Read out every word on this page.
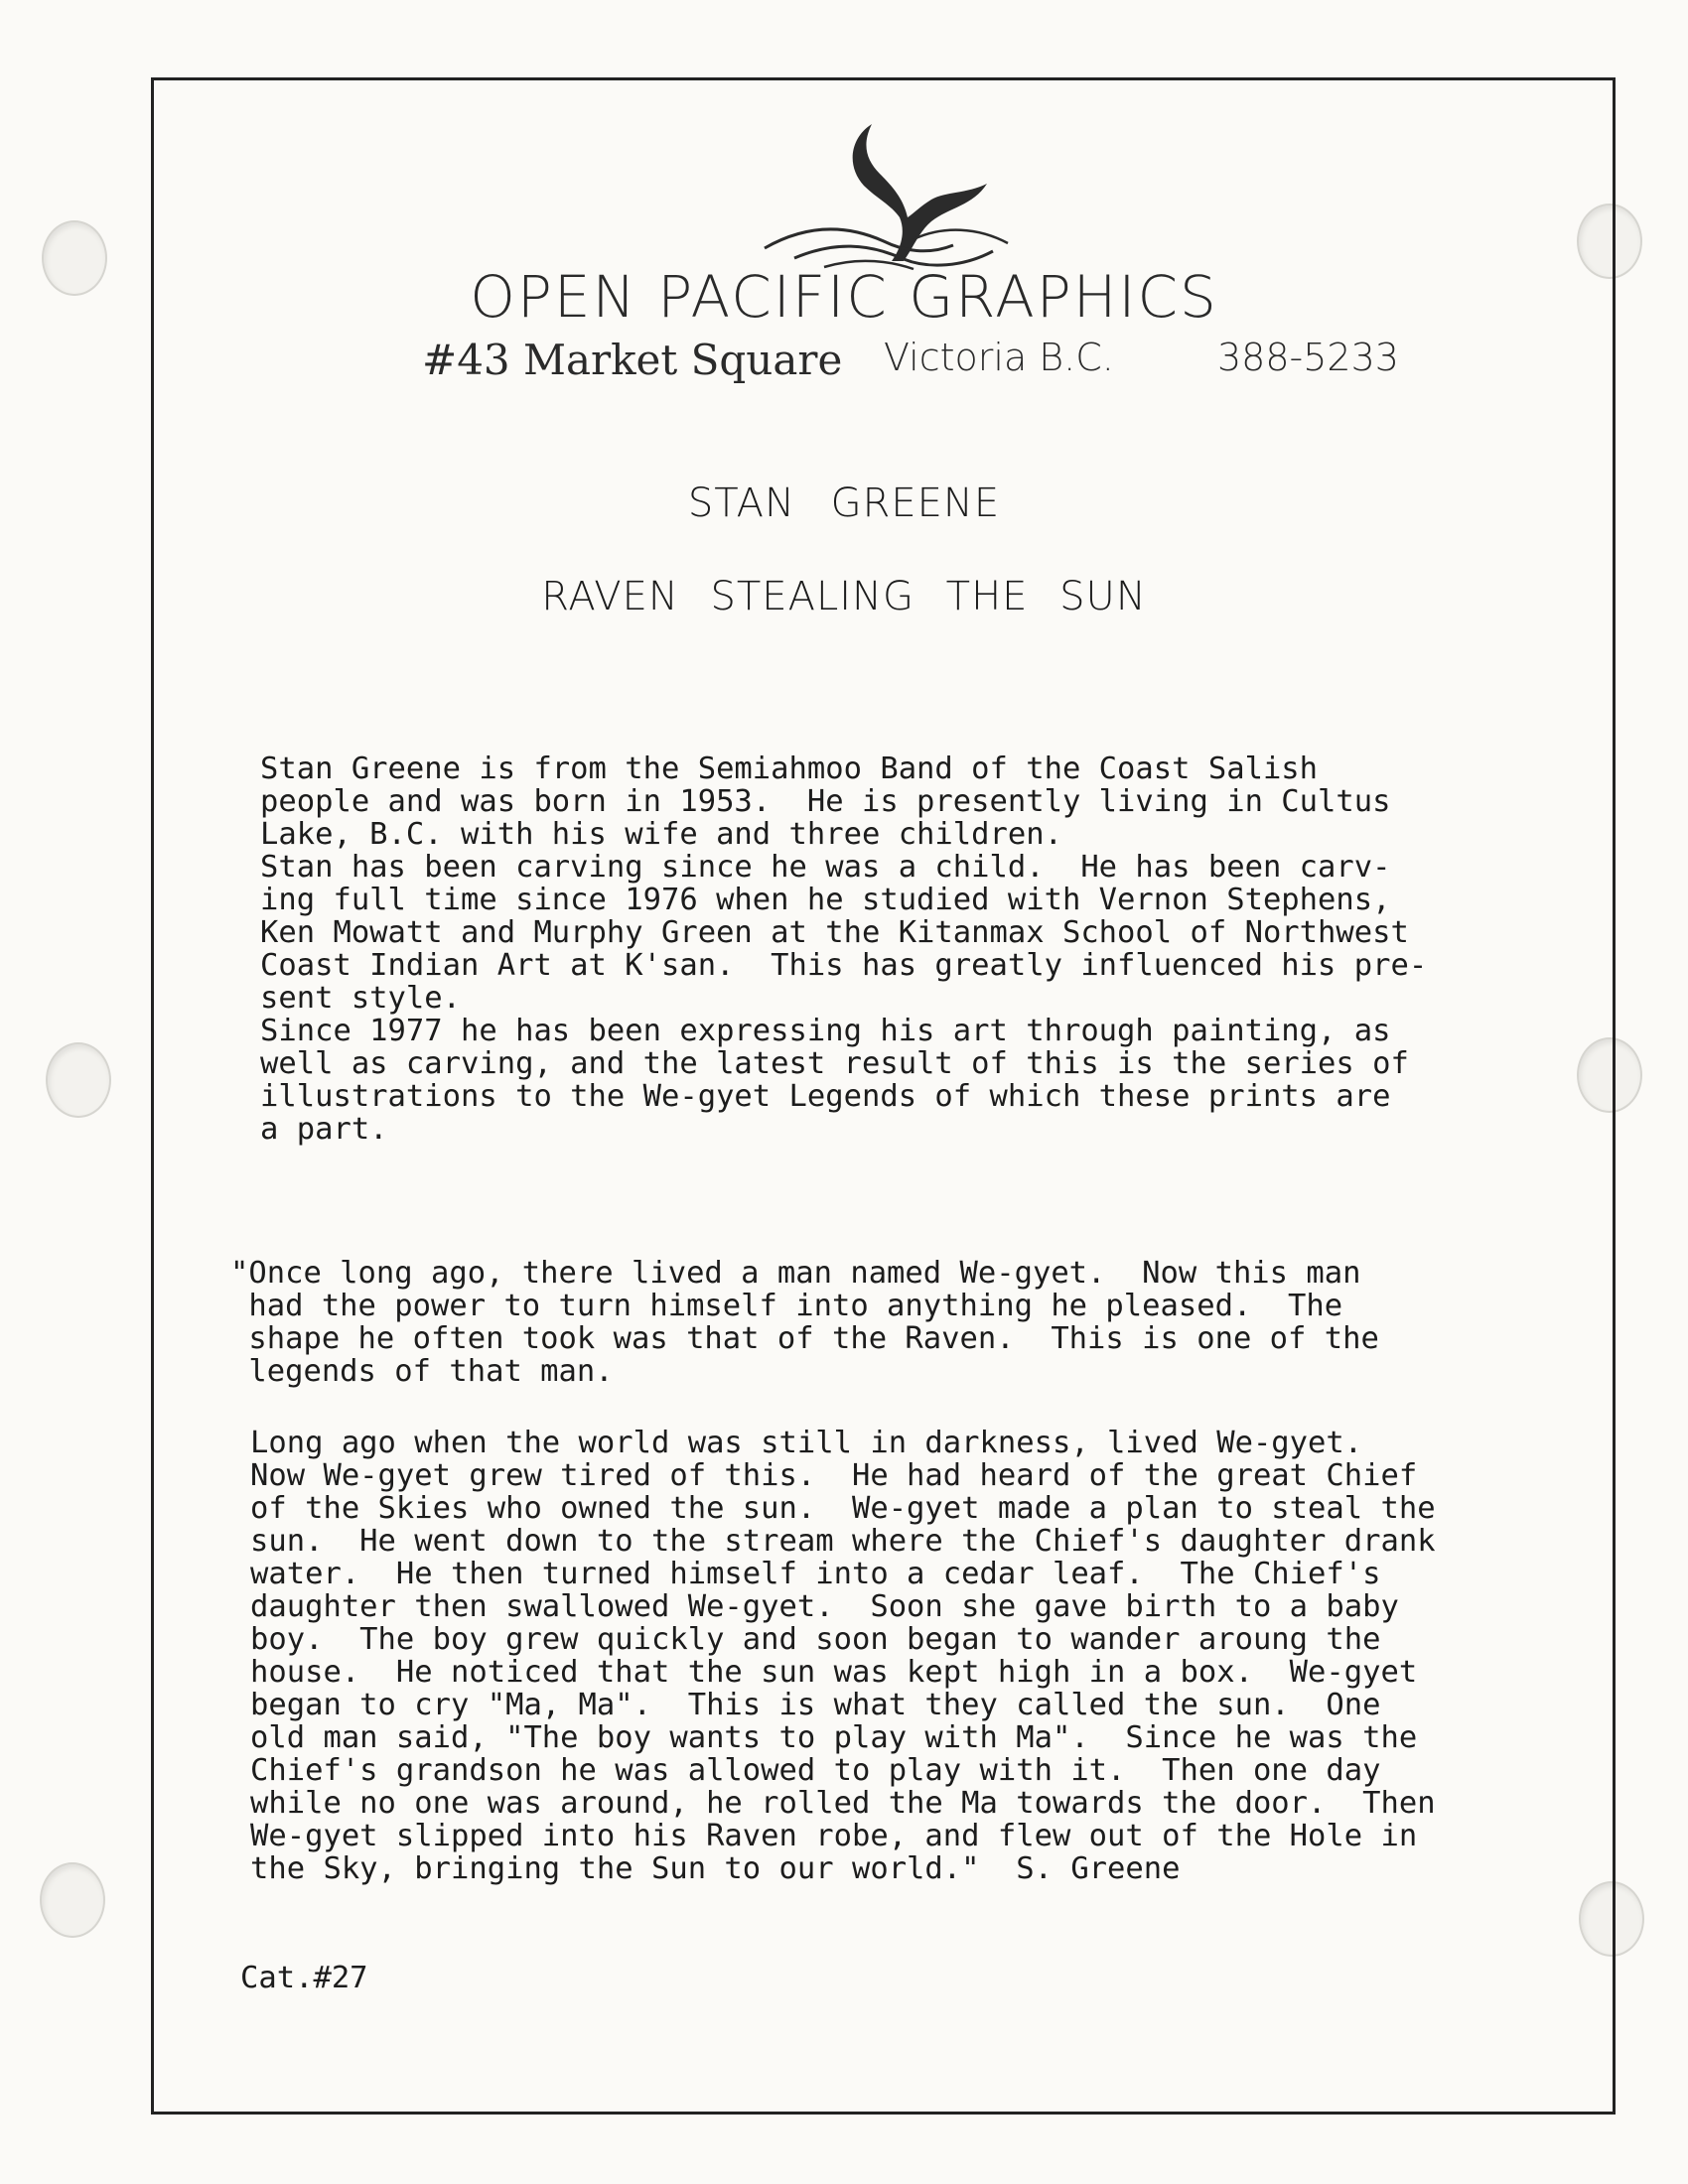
OPEN PACIFIC GRAPHICS
#43 Market Square Victoria B.C.	388-5233
STAN GREENE
RAVEN STEALING THE SUN

Stan Greene is from the Semiahmoo Band of the Coast Salish
people and was born in 1953.  He is presently living in Cultus
Lake, B.C. with his wife and three children.
Stan has been carving since he was a child.  He has been carv-
ing full time since 1976 when he studied with Vernon Stephens,
Ken Mowatt and Murphy Green at the Kitanmax School of Northwest
Coast Indian Art at K'san.  This has greatly influenced his pre-
sent style.
Since 1977 he has been expressing his art through painting, as
well as carving, and the latest result of this is the series of
illustrations to the We-gyet Legends of which these prints are
a part.

"Once long ago, there lived a man named We-gyet.  Now this man
had the power to turn himself into anything he pleased.  The
shape he often took was that of the Raven.  This is one of the
legends of that man.

Long ago when the world was still in darkness, lived We-gyet.
Now We-gyet grew tired of this.  He had heard of the great Chief
of the Skies who owned the sun.  We-gyet made a plan to steal the
sun.  He went down to the stream where the Chief's daughter drank
water.  He then turned himself into a cedar leaf.  The Chief's
daughter then swallowed We-gyet.  Soon she gave birth to a baby
boy.  The boy grew quickly and soon began to wander aroung the
house.  He noticed that the sun was kept high in a box.  We-gyet
began to cry "Ma, Ma".  This is what they called the sun.  One
old man said, "The boy wants to play with Ma".  Since he was the
Chief's grandson he was allowed to play with it.  Then one day
while no one was around, he rolled the Ma towards the door.  Then
We-gyet slipped into his Raven robe, and flew out of the Hole in
the Sky, bringing the Sun to our world."  S. Greene

Cat.#27
